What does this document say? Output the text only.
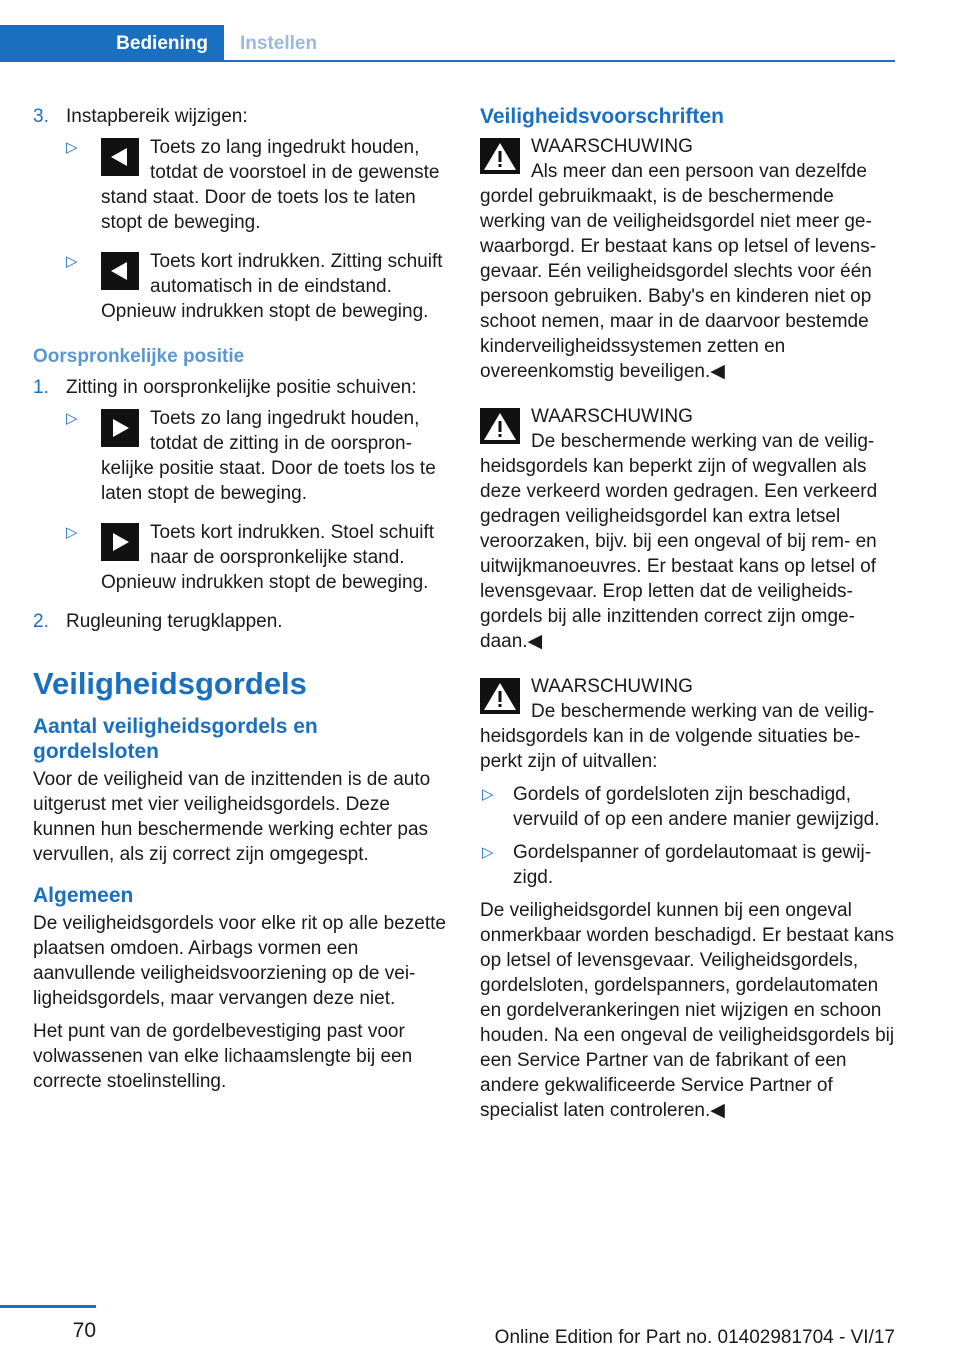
Bediening	Instellen
3. Instapbereik wijzigen:
▷	Toets zo lang ingedrukt houden, totdat de voorstoel in de gewenste stand staat. Door de toets los te laten stopt de beweging.
▷	Toets kort indrukken. Zitting schuift automatisch in de eindstand. Opnieuw indrukken stopt de beweging.
Oorspronkelijke positie
1. Zitting in oorspronkelijke positie schuiven:
▷	Toets zo lang ingedrukt houden, totdat de zitting in de oorspronkelijke positie staat. Door de toets los te laten stopt de beweging.
▷	Toets kort indrukken. Stoel schuift naar de oorspronkelijke stand. Opnieuw indrukken stopt de beweging.
2. Rugleuning terugklappen.
Veiligheidsgordels
Aantal veiligheidsgordels en gordelsloten

Voor de veiligheid van de inzittenden is de auto uitgerust met vier veiligheidsgordels. Deze kunnen hun beschermende werking echter pas vervullen, als zij correct zijn omgegespt.

Algemeen

De veiligheidsgordels voor elke rit op alle bezette plaatsen omdoen. Airbags vormen een aanvullende veiligheidsvoorziening op de veiligheidsgordels, maar vervangen deze niet.

Het punt van de gordelbevestiging past voor volwassenen van elke lichaamslengte bij een correcte stoelinstelling.

Veiligheidsvoorschriften
WAARSCHUWING
Als meer dan een persoon van dezelfde gordel gebruikmaakt, is de beschermende werking van de veiligheidsgordel niet meer gewaarborgd. Er bestaat kans op letsel of levensgevaar. Eén veiligheidsgordel slechts voor één persoon gebruiken. Baby's en kinderen niet op schoot nemen, maar in de daarvoor bestemde kinderveiligheidssystemen zetten en overeenkomstig beveiligen.◀
WAARSCHUWING
De beschermende werking van de veiligheidsgordels kan beperkt zijn of wegvallen als deze verkeerd worden gedragen. Een verkeerd gedragen veiligheidsgordel kan extra letsel veroorzaken, bijv. bij een ongeval of bij rem- en uitwijkmanoeuvres. Er bestaat kans op letsel of levensgevaar. Erop letten dat de veiligheidsgordels bij alle inzittenden correct zijn omgedaan.◀
WAARSCHUWING
De beschermende werking van de veiligheidsgordels kan in de volgende situaties beperkt zijn of uitvallen:
▷ Gordels of gordelsloten zijn beschadigd, vervuild of op een andere manier gewijzigd.
▷ Gordelspanner of gordelautomaat is gewijzigd.

De veiligheidsgordel kunnen bij een ongeval onmerkbaar worden beschadigd. Er bestaat kans op letsel of levensgevaar. Veiligheidsgordels, gordelsloten, gordelspanners, gordelautomaten en gordelverankeringen niet wijzigen en schoon houden. Na een ongeval de veiligheidsgordels bij een Service Partner van de fabrikant of een andere gekwalificeerde Service Partner of specialist laten controleren.◀

70	Online Edition for Part no. 01402981704 - VI/17
